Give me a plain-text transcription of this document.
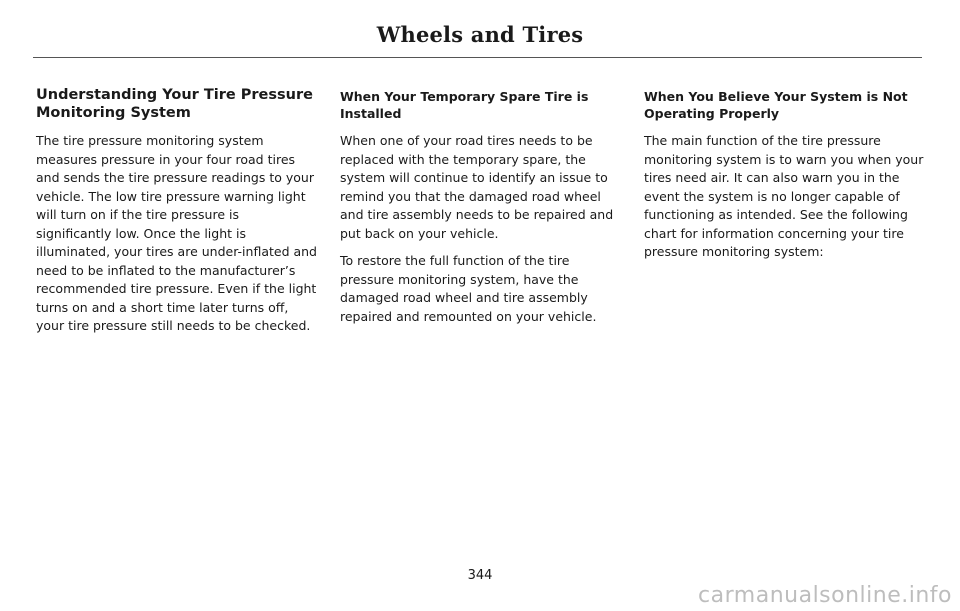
Wheels and Tires
Understanding Your Tire Pressure Monitoring System

The tire pressure monitoring system measures pressure in your four road tires and sends the tire pressure readings to your vehicle. The low tire pressure warning light will turn on if the tire pressure is significantly low. Once the light is illuminated, your tires are under-inflated and need to be inflated to the manufacturer’s recommended tire pressure. Even if the light turns on and a short time later turns off, your tire pressure still needs to be checked.

When Your Temporary Spare Tire is Installed

When one of your road tires needs to be replaced with the temporary spare, the system will continue to identify an issue to remind you that the damaged road wheel and tire assembly needs to be repaired and put back on your vehicle.

To restore the full function of the tire pressure monitoring system, have the damaged road wheel and tire assembly repaired and remounted on your vehicle.

When You Believe Your System is Not Operating Properly

The main function of the tire pressure monitoring system is to warn you when your tires need air. It can also warn you in the event the system is no longer capable of functioning as intended. See the following chart for information concerning your tire pressure monitoring system:

344
carmanualsonline.info
